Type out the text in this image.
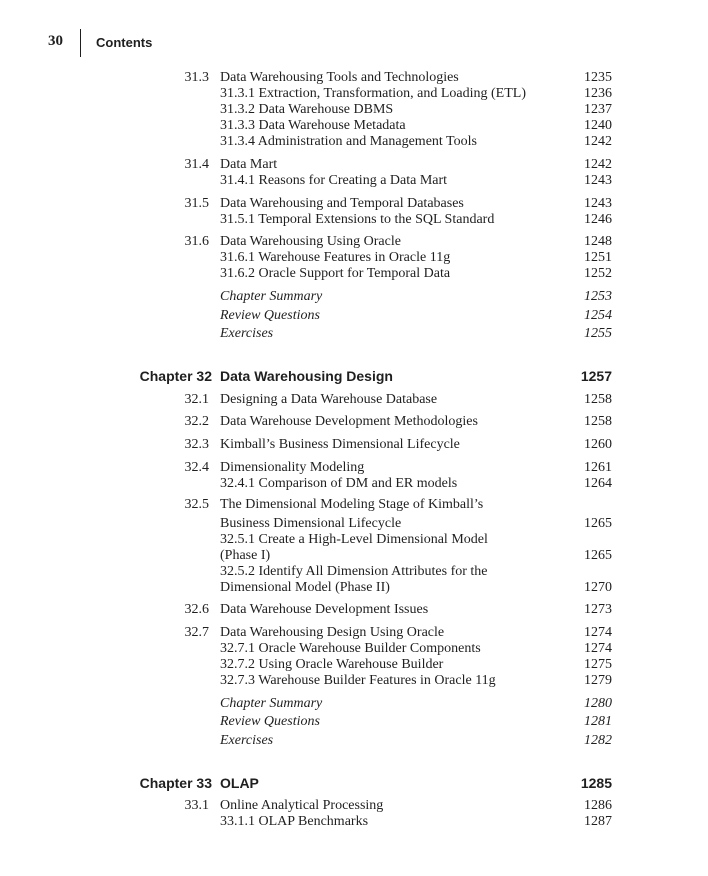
30	Contents
31.3 Data Warehousing Tools and Technologies	1235
31.3.1 Extraction, Transformation, and Loading (ETL)	1236
31.3.2 Data Warehouse DBMS	1237
31.3.3 Data Warehouse Metadata	1240
31.3.4 Administration and Management Tools	1242
31.4 Data Mart	1242
31.4.1 Reasons for Creating a Data Mart	1243
31.5 Data Warehousing and Temporal Databases	1243
31.5.1 Temporal Extensions to the SQL Standard	1246
31.6 Data Warehousing Using Oracle	1248
31.6.1 Warehouse Features in Oracle 11g	1251
31.6.2 Oracle Support for Temporal Data	1252
Chapter Summary	1253
Review Questions	1254
Exercises	1255
Chapter 32 Data Warehousing Design	1257
32.1 Designing a Data Warehouse Database	1258
32.2 Data Warehouse Development Methodologies	1258
32.3 Kimball’s Business Dimensional Lifecycle	1260
32.4 Dimensionality Modeling	1261
32.4.1 Comparison of DM and ER models	1264
32.5 The Dimensional Modeling Stage of Kimball’s
Business Dimensional Lifecycle	1265
32.5.1 Create a High-Level Dimensional Model
(Phase I)	1265
32.5.2 Identify All Dimension Attributes for the
Dimensional Model (Phase II)	1270
32.6 Data Warehouse Development Issues	1273
32.7 Data Warehousing Design Using Oracle	1274
32.7.1 Oracle Warehouse Builder Components	1274
32.7.2 Using Oracle Warehouse Builder	1275
32.7.3 Warehouse Builder Features in Oracle 11g	1279
Chapter Summary	1280
Review Questions	1281
Exercises	1282
Chapter 33 OLAP	1285
33.1 Online Analytical Processing	1286
33.1.1 OLAP Benchmarks	1287
